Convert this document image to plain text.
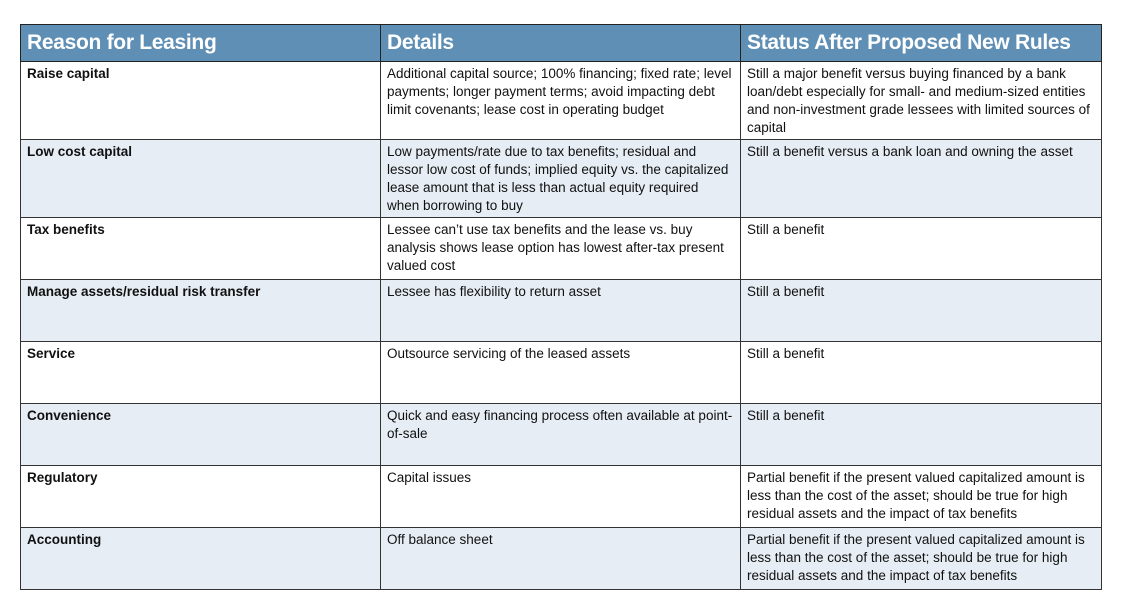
Reason for Leasing	Details	Status After Proposed New Rules
Raise capital	Additional capital source; 100% financing; fixed rate; level payments; longer payment terms; avoid impacting debt limit covenants; lease cost in operating budget	Still a major benefit versus buying financed by a bank loan/debt especially for small- and medium-sized entities and non-investment grade lessees with limited sources of capital
Low cost capital	Low payments/rate due to tax benefits; residual and lessor low cost of funds; implied equity vs. the capitalized lease amount that is less than actual equity required when borrowing to buy	Still a benefit versus a bank loan and owning the asset
Tax benefits	Lessee can’t use tax benefits and the lease vs. buy analysis shows lease option has lowest after-tax present valued cost	Still a benefit
Manage assets/residual risk transfer	Lessee has flexibility to return asset	Still a benefit
Service	Outsource servicing of the leased assets	Still a benefit
Convenience	Quick and easy financing process often available at point-of-sale	Still a benefit
Regulatory	Capital issues	Partial benefit if the present valued capitalized amount is less than the cost of the asset; should be true for high residual assets and the impact of tax benefits
Accounting	Off balance sheet	Partial benefit if the present valued capitalized amount is less than the cost of the asset; should be true for high residual assets and the impact of tax benefits
